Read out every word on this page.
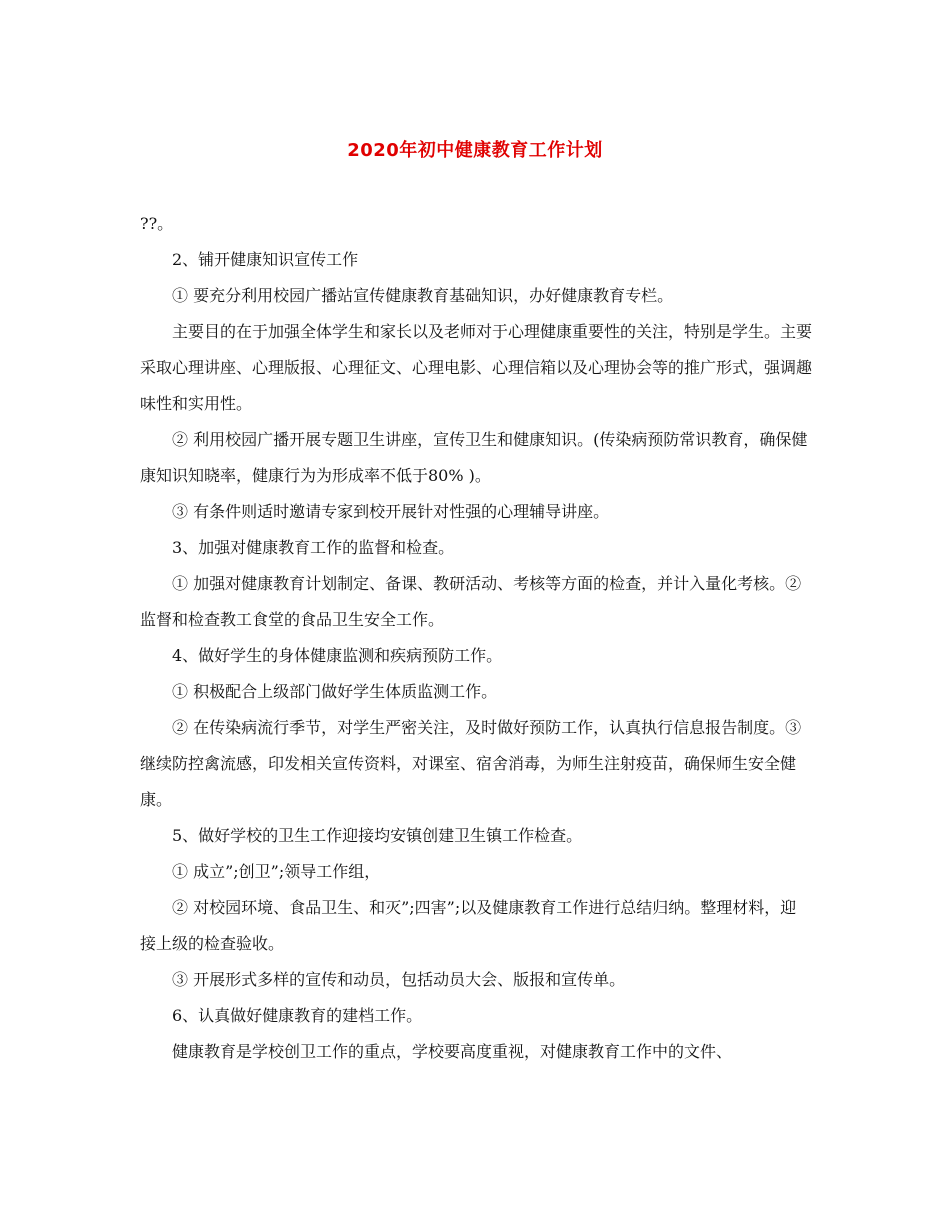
2020年初中健康教育工作计划

??。

2、铺开健康知识宣传工作

① 要充分利用校园广播站宣传健康教育基础知识，办好健康教育专栏。

主要目的在于加强全体学生和家长以及老师对于心理健康重要性的关注，特别是学生。主要采取心理讲座、心理版报、心理征文、心理电影、心理信箱以及心理协会等的推广形式，强调趣味性和实用性。

② 利用校园广播开展专题卫生讲座，宣传卫生和健康知识。(传染病预防常识教育，确保健康知识知晓率，健康行为为形成率不低于80% )。

③ 有条件则适时邀请专家到校开展针对性强的心理辅导讲座。

3、加强对健康教育工作的监督和检查。

① 加强对健康教育计划制定、备课、教研活动、考核等方面的检查，并计入量化考核。② 监督和检查教工食堂的食品卫生安全工作。

4、做好学生的身体健康监测和疾病预防工作。

① 积极配合上级部门做好学生体质监测工作。

② 在传染病流行季节，对学生严密关注，及时做好预防工作，认真执行信息报告制度。③ 继续防控禽流感，印发相关宣传资料，对课室、宿舍消毒，为师生注射疫苗，确保师生安全健康。

5、做好学校的卫生工作迎接均安镇创建卫生镇工作检查。

① 成立”;创卫”;领导工作组，

② 对校园环境、食品卫生、和灭”;四害”;以及健康教育工作进行总结归纳。整理材料，迎接上级的检查验收。

③ 开展形式多样的宣传和动员，包括动员大会、版报和宣传单。

6、认真做好健康教育的建档工作。

健康教育是学校创卫工作的重点，学校要高度重视，对健康教育工作中的文件、
